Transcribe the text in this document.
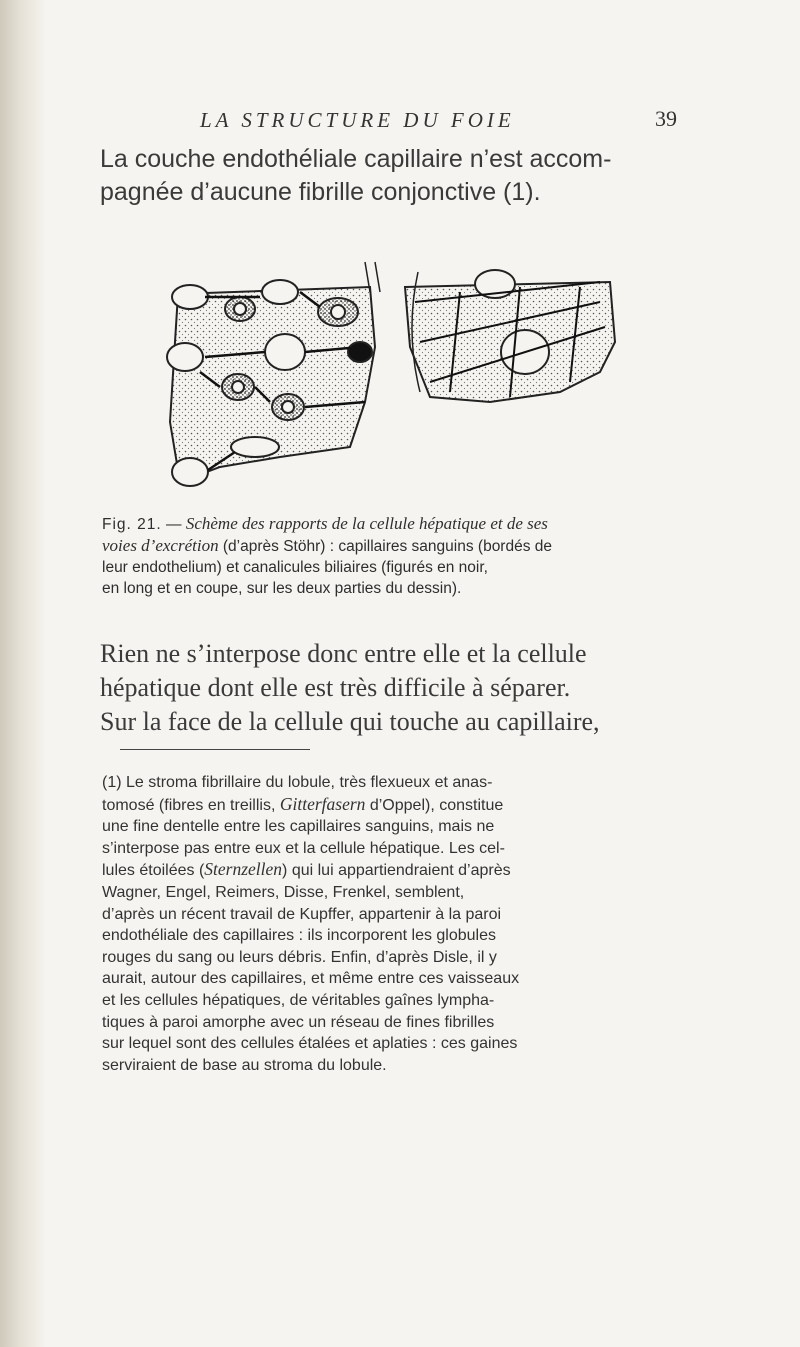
LA STRUCTURE DU FOIE	39
La couche endothéliale capillaire n’est accom-
pagnée d’aucune fibrille conjonctive (1).
Fig. 21. — Schème des rapports de la cellule hépatique et de ses
voies d’excrétion (d’après Stöhr) : capillaires sanguins (bordés de
leur endothelium) et canalicules biliaires (figurés en noir,
en long et en coupe, sur les deux parties du dessin).
Rien ne s’interpose donc entre elle et la cellule
hépatique dont elle est très difficile à séparer.
Sur la face de la cellule qui touche au capillaire,
(1) Le stroma fibrillaire du lobule, très flexueux et anas-
tomosé (fibres en treillis, Gitterfasern d’Oppel), constitue
une fine dentelle entre les capillaires sanguins, mais ne
s’interpose pas entre eux et la cellule hépatique. Les cel-
lules étoilées (Sternzellen) qui lui appartiendraient d’après
Wagner, Engel, Reimers, Disse, Frenkel, semblent,
d’après un récent travail de Kupffer, appartenir à la paroi
endothéliale des capillaires : ils incorporent les globules
rouges du sang ou leurs débris. Enfin, d’après Disle, il y
aurait, autour des capillaires, et même entre ces vaisseaux
et les cellules hépatiques, de véritables gaînes lympha-
tiques à paroi amorphe avec un réseau de fines fibrilles
sur lequel sont des cellules étalées et aplaties : ces gaines
serviraient de base au stroma du lobule.
